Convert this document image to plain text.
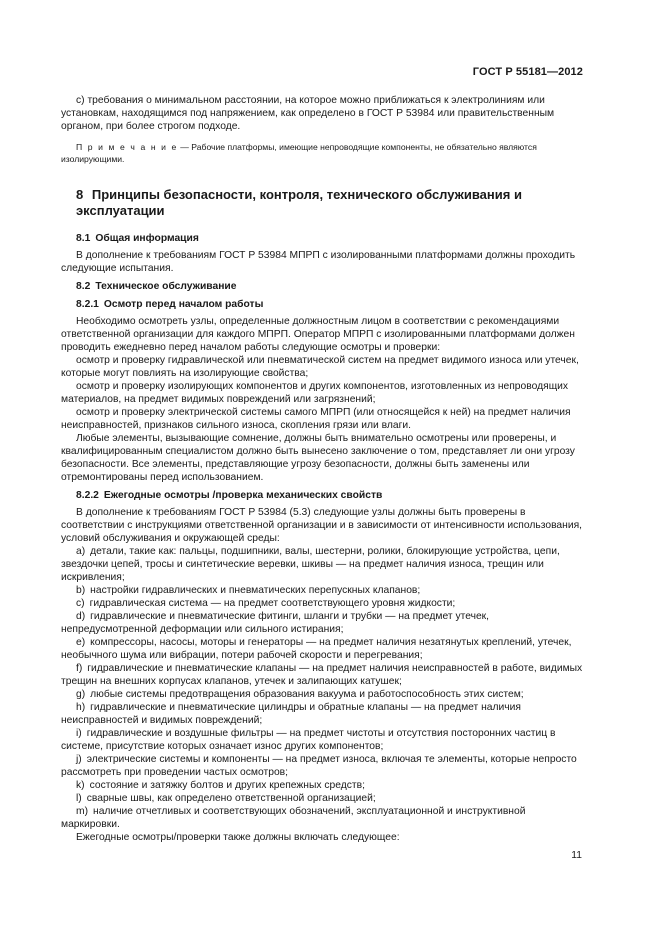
ГОСТ Р 55181—2012

c) требования о минимальном расстоянии, на которое можно приближаться к электролиниям или установкам, находящимся под напряжением, как определено в ГОСТ Р 53984 или правительственным органом, при более строгом подходе.

П р и м е ч а н и е — Рабочие платформы, имеющие непроводящие компоненты, не обязательно являются изолирующими.

8 Принципы безопасности, контроля, технического обслуживания и эксплуатации

8.1 Общая информация

В дополнение к требованиям ГОСТ Р 53984 МПРП с изолированными платформами должны проходить следующие испытания.

8.2 Техническое обслуживание

8.2.1 Осмотр перед началом работы

Необходимо осмотреть узлы, определенные должностным лицом в соответствии с рекомендациями ответственной организации для каждого МПРП. Оператор МПРП с изолированными платформами должен проводить ежедневно перед началом работы следующие осмотры и проверки:

осмотр и проверку гидравлической или пневматической систем на предмет видимого износа или утечек, которые могут повлиять на изолирующие свойства;

осмотр и проверку изолирующих компонентов и других компонентов, изготовленных из непроводящих материалов, на предмет видимых повреждений или загрязнений;

осмотр и проверку электрической системы самого МПРП (или относящейся к ней) на предмет наличия неисправностей, признаков сильного износа, скопления грязи или влаги.

Любые элементы, вызывающие сомнение, должны быть внимательно осмотрены или проверены, и квалифицированным специалистом должно быть вынесено заключение о том, представляет ли они угрозу безопасности. Все элементы, представляющие угрозу безопасности, должны быть заменены или отремонтированы перед использованием.

8.2.2 Ежегодные осмотры /проверка механических свойств

В дополнение к требованиям ГОСТ Р 53984 (5.3) следующие узлы должны быть проверены в соответствии с инструкциями ответственной организации и в зависимости от интенсивности использования, условий обслуживания и окружающей среды:

a) детали, такие как: пальцы, подшипники, валы, шестерни, ролики, блокирующие устройства, цепи, звездочки цепей, тросы и синтетические веревки, шкивы — на предмет наличия износа, трещин или искривления;

b) настройки гидравлических и пневматических перепускных клапанов;

c) гидравлическая система — на предмет соответствующего уровня жидкости;

d) гидравлические и пневматические фитинги, шланги и трубки — на предмет утечек, непредусмотренной деформации или сильного истирания;

e) компрессоры, насосы, моторы и генераторы — на предмет наличия незатянутых креплений, утечек, необычного шума или вибрации, потери рабочей скорости и перегревания;

f) гидравлические и пневматические клапаны — на предмет наличия неисправностей в работе, видимых трещин на внешних корпусах клапанов, утечек и залипающих катушек;

g) любые системы предотвращения образования вакуума и работоспособность этих систем;

h) гидравлические и пневматические цилиндры и обратные клапаны — на предмет наличия неисправностей и видимых повреждений;

i) гидравлические и воздушные фильтры — на предмет чистоты и отсутствия посторонних частиц в системе, присутствие которых означает износ других компонентов;

j) электрические системы и компоненты — на предмет износа, включая те элементы, которые непросто рассмотреть при проведении частых осмотров;

k) состояние и затяжку болтов и других крепежных средств;

l) сварные швы, как определено ответственной организацией;

m) наличие отчетливых и соответствующих обозначений, эксплуатационной и инструктивной маркировки.

Ежегодные осмотры/проверки также должны включать следующее:

11
